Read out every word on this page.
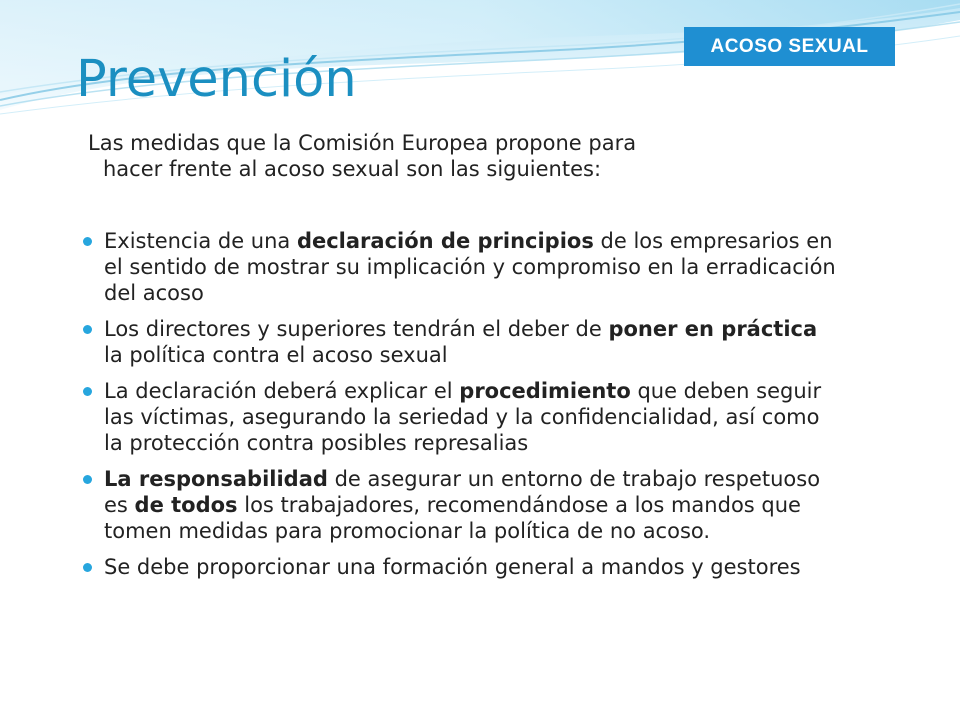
ACOSO SEXUAL
Prevención

Las medidas que la Comisión Europea propone para
hacer frente al acoso sexual son las siguientes:

Existencia de una declaración de principios de los empresarios en el sentido de mostrar su implicación y compromiso en la erradicación del acoso
Los directores y superiores tendrán el deber de poner en práctica la política contra el acoso sexual
La declaración deberá explicar el procedimiento que deben seguir las víctimas, asegurando la seriedad y la confidencialidad, así como la protección contra posibles represalias
La responsabilidad de asegurar un entorno de trabajo respetuoso es de todos los trabajadores, recomendándose a los mandos que tomen medidas para promocionar la política de no acoso.
Se debe proporcionar una formación general a mandos y gestores
